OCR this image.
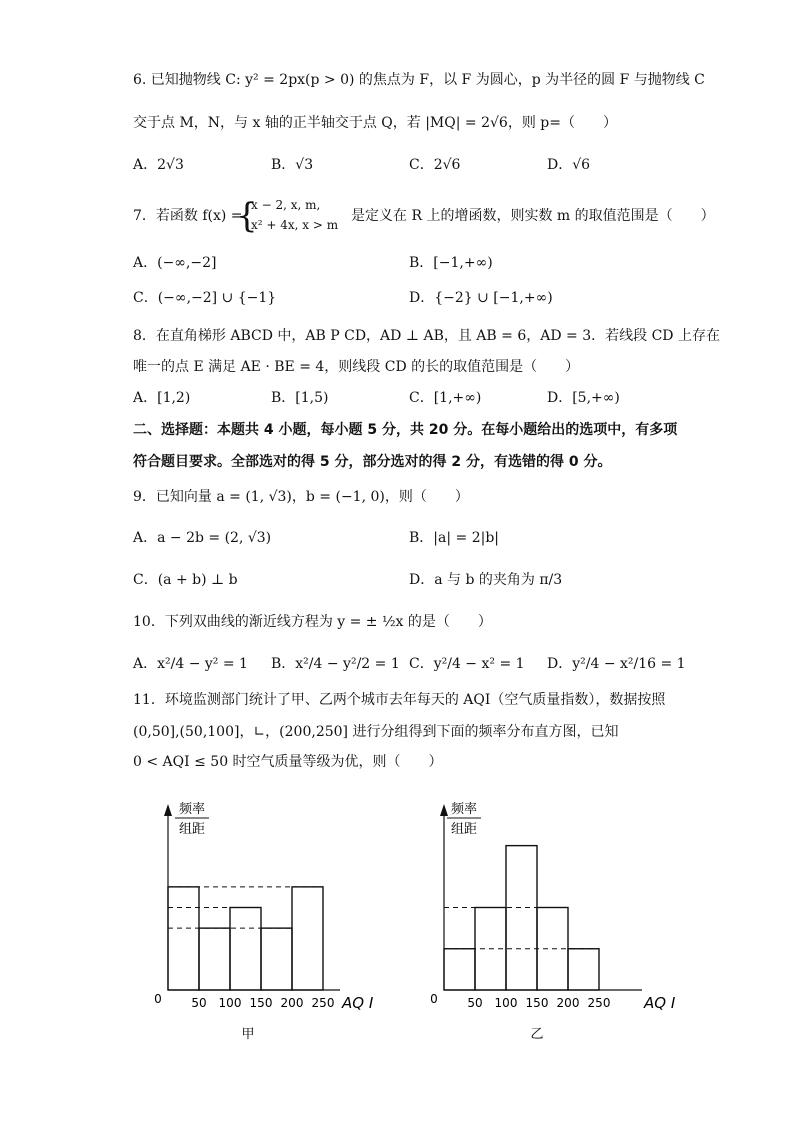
6. 已知抛物线 C: y² = 2px(p > 0) 的焦点为 F，以 F 为圆心，p 为半径的圆 F 与抛物线 C
交于点 M，N，与 x 轴的正半轴交于点 Q，若 |MQ| = 2√6，则 p=（　　）
A．2√3	B．√3	C．2√6	D．√6
7．若函数 f(x) =
{
x − 2, x, m,
x² + 4x, x > m
是定义在 R 上的增函数，则实数 m 的取值范围是（　　）
A．(−∞,−2]	B．[−1,+∞)
C．(−∞,−2] ∪ {−1}	D．{−2} ∪ [−1,+∞)
8．在直角梯形 ABCD 中，AB P CD，AD ⊥ AB，且 AB = 6，AD = 3．若线段 CD 上存在
唯一的点 E 满足 AE · BE = 4，则线段 CD 的长的取值范围是（　　）
A．[1,2)	B．[1,5)	C．[1,+∞)	D．[5,+∞)
二、选择题：本题共 4 小题，每小题 5 分，共 20 分。在每小题给出的选项中，有多项
符合题目要求。全部选对的得 5 分，部分选对的得 2 分，有选错的得 0 分。
9．已知向量 a = (1, √3)，b = (−1, 0)，则（　　）
A．a − 2b = (2, √3)	B．|a| = 2|b|
C．(a + b) ⊥ b	D．a 与 b 的夹角为 π/3
10．下列双曲线的渐近线方程为 y = ± ½x 的是（　　）
A．x²/4 − y² = 1 B．x²/4 − y²/2 = 1 C．y²/4 − x² = 1 D．y²/4 − x²/16 = 1
11．环境监测部门统计了甲、乙两个城市去年每天的 AQI（空气质量指数），数据按照
(0,50],(50,100]，∟，(200,250] 进行分组得到下面的频率分布直方图，已知
0 < AQI ≤ 50 时空气质量等级为优，则（　　）
频率
组距
0 50 100 150 200 250 AQ I
甲
频率
组距
0 50 100 150 200 250 AQ I
乙
